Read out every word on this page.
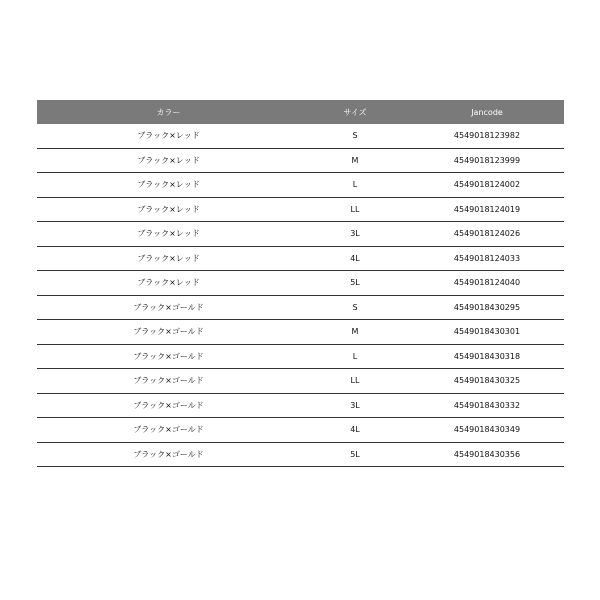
カラー	サイズ	Jancode
ブラック×レッド	S	4549018123982
ブラック×レッド	M	4549018123999
ブラック×レッド	L	4549018124002
ブラック×レッド	LL	4549018124019
ブラック×レッド	3L	4549018124026
ブラック×レッド	4L	4549018124033
ブラック×レッド	5L	4549018124040
ブラック×ゴールド	S	4549018430295
ブラック×ゴールド	M	4549018430301
ブラック×ゴールド	L	4549018430318
ブラック×ゴールド	LL	4549018430325
ブラック×ゴールド	3L	4549018430332
ブラック×ゴールド	4L	4549018430349
ブラック×ゴールド	5L	4549018430356
